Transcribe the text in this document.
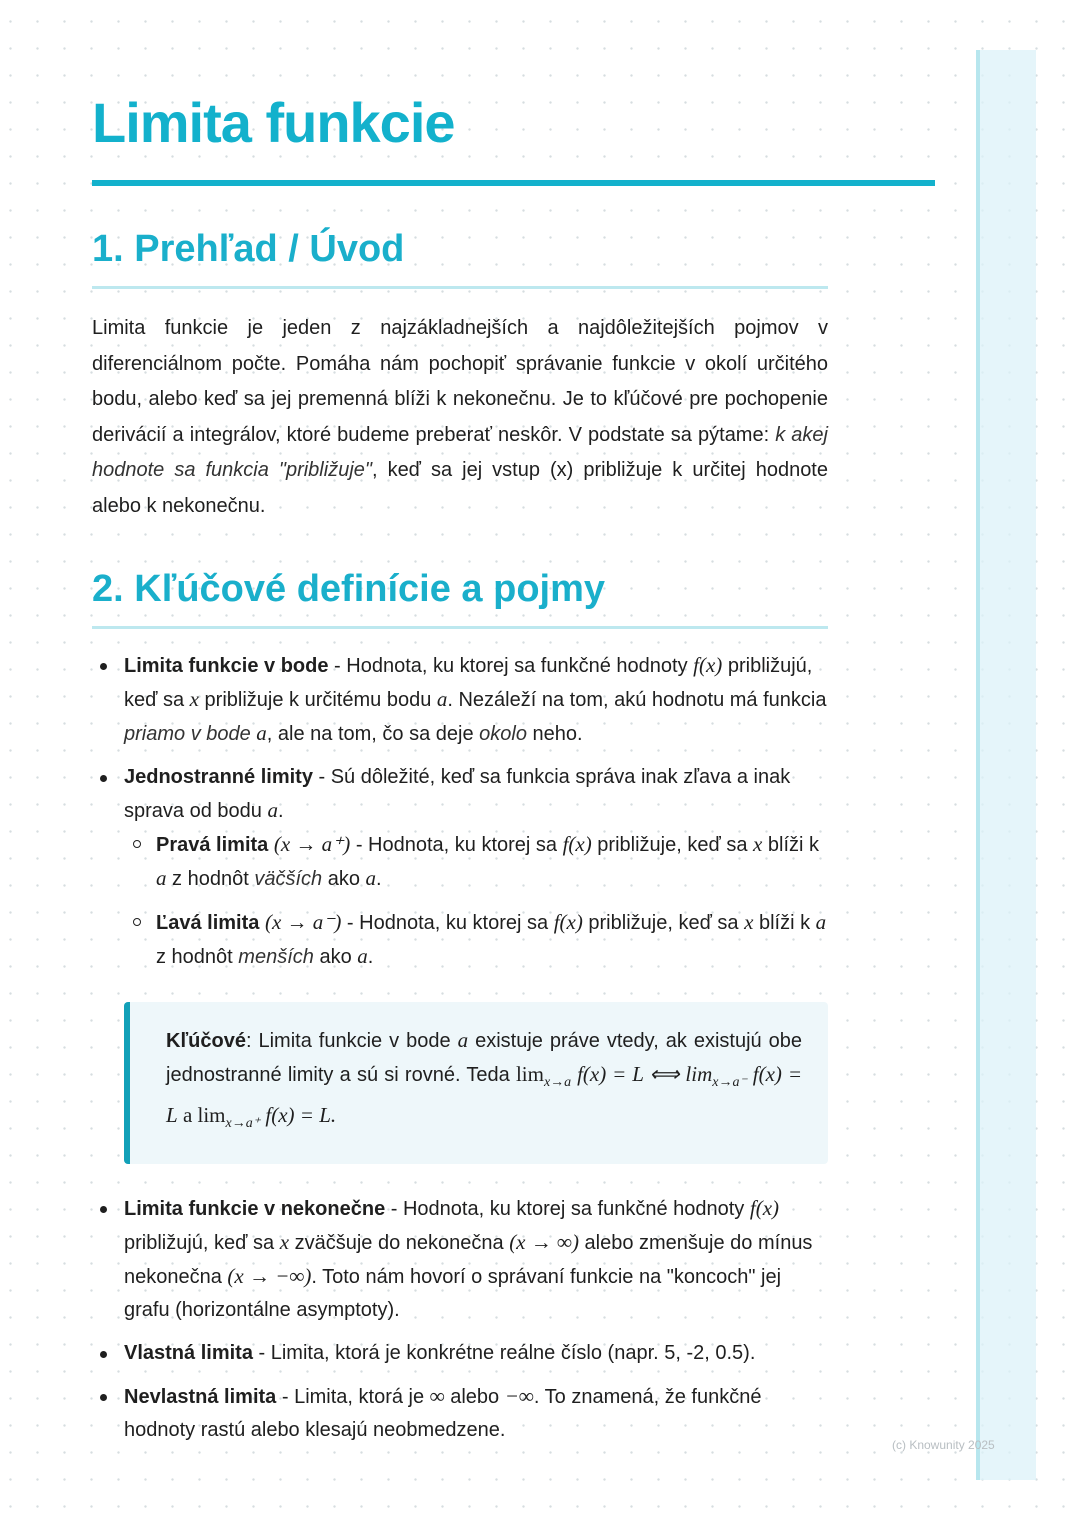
Limita funkcie
1. Prehľad / Úvod

Limita funkcie je jeden z najzákladnejších a najdôležitejších pojmov v diferenciálnom počte. Pomáha nám pochopiť správanie funkcie v okolí určitého bodu, alebo keď sa jej premenná blíži k nekonečnu. Je to kľúčové pre pochopenie derivácií a integrálov, ktoré budeme preberať neskôr. V podstate sa pýtame: k akej hodnote sa funkcia "približuje", keď sa jej vstup (x) približuje k určitej hodnote alebo k nekonečnu.

2. Kľúčové definície a pojmy
Limita funkcie v bode - Hodnota, ku ktorej sa funkčné hodnoty f(x) približujú, keď sa x približuje k určitému bodu a. Nezáleží na tom, akú hodnotu má funkcia priamo v bode a, ale na tom, čo sa deje okolo neho.
Jednostranné limity - Sú dôležité, keď sa funkcia správa inak zľava a inak sprava od bodu a.
Pravá limita (x → a⁺) - Hodnota, ku ktorej sa f(x) približuje, keď sa x blíži k a z hodnôt väčších ako a.
Ľavá limita (x → a⁻) - Hodnota, ku ktorej sa f(x) približuje, keď sa x blíži k a z hodnôt menších ako a.
Kľúčové: Limita funkcie v bode a existuje práve vtedy, ak existujú obe jednostranné limity a sú si rovné. Teda $\lim_{x\to a} f(x) = L$ ⟺ $\lim_{x\to a^-} f(x) = L$ a $\lim_{x\to a^+} f(x) = L$.
Limita funkcie v nekonečne - Hodnota, ku ktorej sa funkčné hodnoty f(x) približujú, keď sa x zväčšuje do nekonečna (x → ∞) alebo zmenšuje do mínus nekonečna (x → −∞). Toto nám hovorí o správaní funkcie na "koncoch" jej grafu (horizontálne asymptoty).
Vlastná limita - Limita, ktorá je konkrétne reálne číslo (napr. 5, -2, 0.5).
Nevlastná limita - Limita, ktorá je ∞ alebo −∞. To znamená, že funkčné hodnoty rastú alebo klesajú neobmedzene.
(c) Knowunity 2025
